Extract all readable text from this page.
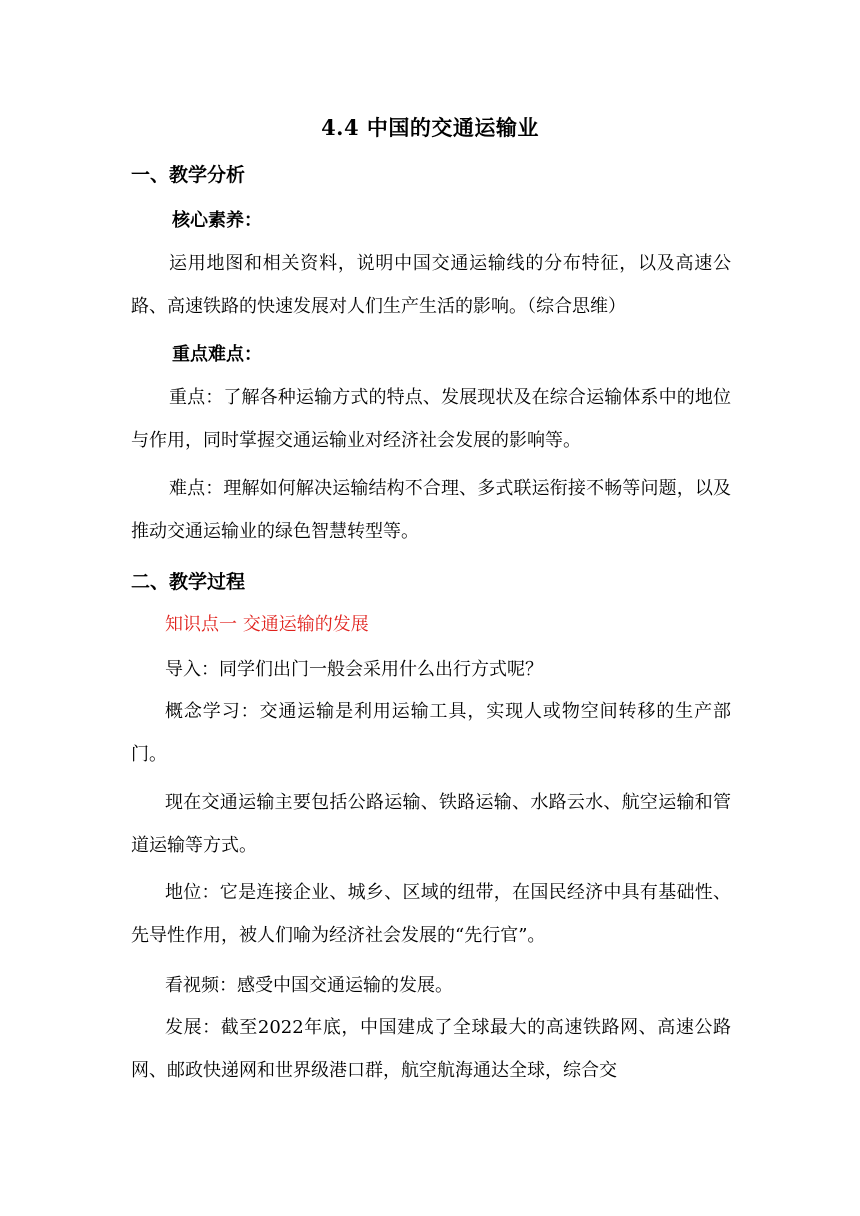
4.4 中国的交通运输业
一、教学分析
核心素养：
运用地图和相关资料，说明中国交通运输线的分布特征，以及高速公路、高速铁路的快速发展对人们生产生活的影响。（综合思维）
重点难点：
重点：了解各种运输方式的特点、发展现状及在综合运输体系中的地位与作用，同时掌握交通运输业对经济社会发展的影响等。
难点：理解如何解决运输结构不合理、多式联运衔接不畅等问题，以及推动交通运输业的绿色智慧转型等。
二、教学过程
知识点一 交通运输的发展
导入：同学们出门一般会采用什么出行方式呢？
概念学习：交通运输是利用运输工具，实现人或物空间转移的生产部门。
现在交通运输主要包括公路运输、铁路运输、水路云水、航空运输和管道运输等方式。
地位：它是连接企业、城乡、区域的纽带，在国民经济中具有基础性、先导性作用，被人们喻为经济社会发展的“先行官”。
看视频：感受中国交通运输的发展。
发展：截至2022年底，中国建成了全球最大的高速铁路网、高速公路网、邮政快递网和世界级港口群，航空航海通达全球，综合交
